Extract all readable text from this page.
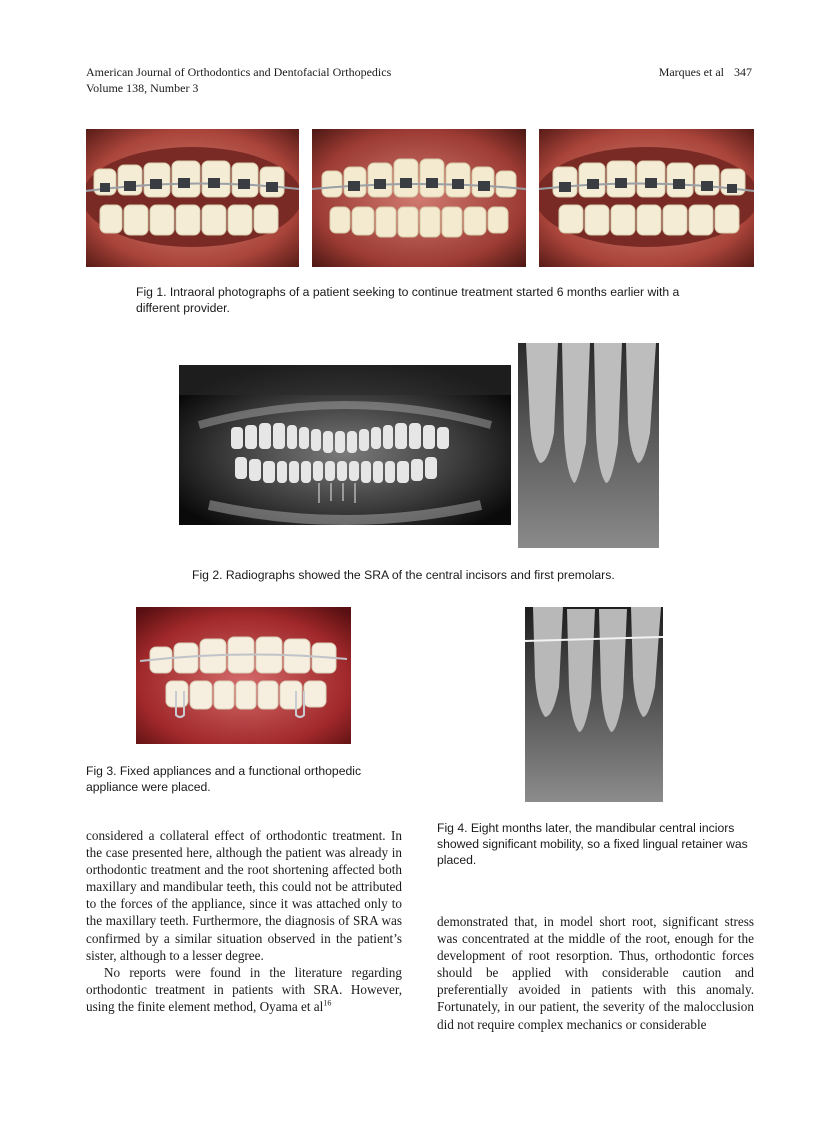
American Journal of Orthodontics and Dentofacial Orthopedics
Volume 138, Number 3
Marques et al 347
Fig 1. Intraoral photographs of a patient seeking to continue treatment started 6 months earlier with a different provider.
Fig 2. Radiographs showed the SRA of the central incisors and first premolars.
Fig 3. Fixed appliances and a functional orthopedic appliance were placed.
Fig 4. Eight months later, the mandibular central inciors showed significant mobility, so a fixed lingual retainer was placed.

considered a collateral effect of orthodontic treatment. In the case presented here, although the patient was already in orthodontic treatment and the root shortening affected both maxillary and mandibular teeth, this could not be attributed to the forces of the appliance, since it was attached only to the maxillary teeth. Furthermore, the diagnosis of SRA was confirmed by a similar situation observed in the patient’s sister, although to a lesser degree.

No reports were found in the literature regarding orthodontic treatment in patients with SRA. However, using the finite element method, Oyama et $al^{16}$

demonstrated that, in model short root, significant stress was concentrated at the middle of the root, enough for the development of root resorption. Thus, orthodontic forces should be applied with considerable caution and preferentially avoided in patients with this anomaly. Fortunately, in our patient, the severity of the malocclusion did not require complex mechanics or considerable
